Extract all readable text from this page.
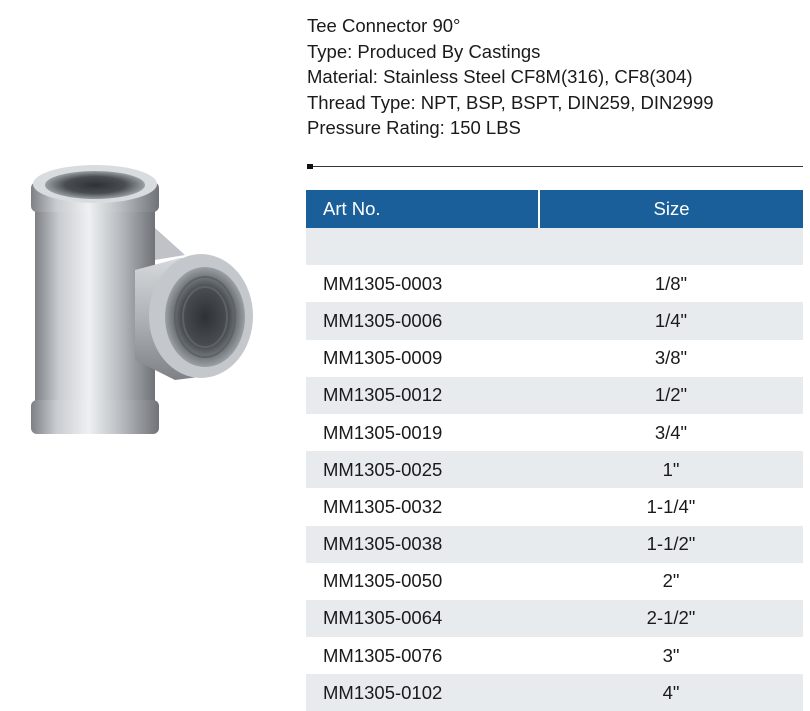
Tee Connector 90°
Type: Produced By Castings
Material: Stainless Steel CF8M(316), CF8(304)
Thread Type: NPT, BSP, BSPT, DIN259, DIN2999
Pressure Rating: 150 LBS
Art No.	Size

MM1305-0003	1/8"
MM1305-0006	1/4"
MM1305-0009	3/8"
MM1305-0012	1/2"
MM1305-0019	3/4"
MM1305-0025	1"
MM1305-0032	1-1/4"
MM1305-0038	1-1/2"
MM1305-0050	2"
MM1305-0064	2-1/2"
MM1305-0076	3"
MM1305-0102	4"
